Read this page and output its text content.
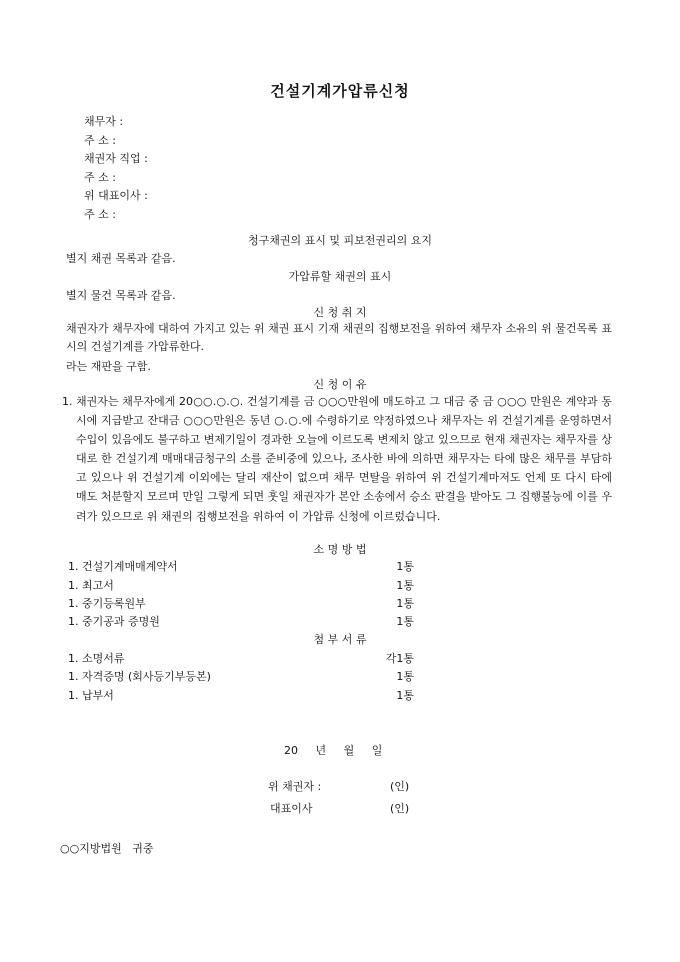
건설기계가압류신청
채무자 :
주 소 :
채권자 직업 :
주 소 :
위 대표이사 :
주 소 :
청구채권의 표시 및 피보전권리의 요지
별지 채권 목록과 같음.
가압류할 채권의 표시
별지 물건 목록과 같음.
신 청 취 지
채권자가 채무자에 대하여 가지고 있는 위 채권 표시 기재 채권의 집행보전을 위하여 채무자 소유의 위 물건목록 표시의 건설기계를 가압류한다.
라는 재판을 구함.
신 청 이 유
1. 채권자는 채무자에게 20○○.○.○. 건설기계를 금 ○○○만원에 매도하고 그 대금 중 금 ○○○ 만원은 계약과 동시에 지급받고 잔대금 ○○○만원은 동년 ○.○.에 수령하기로 약정하였으나 채무자는 위 건설기계를 운영하면서 수입이 있음에도 불구하고 변제기일이 경과한 오늘에 이르도록 변제치 않고 있으므로 현재 채권자는 채무자를 상대로 한 건설기계 매매대금청구의 소를 준비중에 있으나, 조사한 바에 의하면 채무자는 타에 많은 채무를 부담하고 있으나 위 건설기계 이외에는 달리 재산이 없으며 채무 면탈을 위하여 위 건설기계마저도 언제 또 다시 타에 매도 처분할지 모르며 만일 그렇게 되면 훗일 채권자가 본안 소송에서 승소 판결을 받아도 그 집행불능에 이를 우려가 있으므로 위 채권의 집행보전을 위하여 이 가압류 신청에 이르렀습니다.
소 명 방 법
1. 건설기계매매계약서	1통
1. 최고서	1통
1. 중기등록원부	1통
1. 중기공과 증명원	1통
첨 부 서 류
1. 소명서류	각1통
1. 자격증명 (회사등기부등본)	1통
1. 납부서	1통
20     년     월     일
위 채권자 :	(인)
대표이사	(인)
○○지방법원   귀중
